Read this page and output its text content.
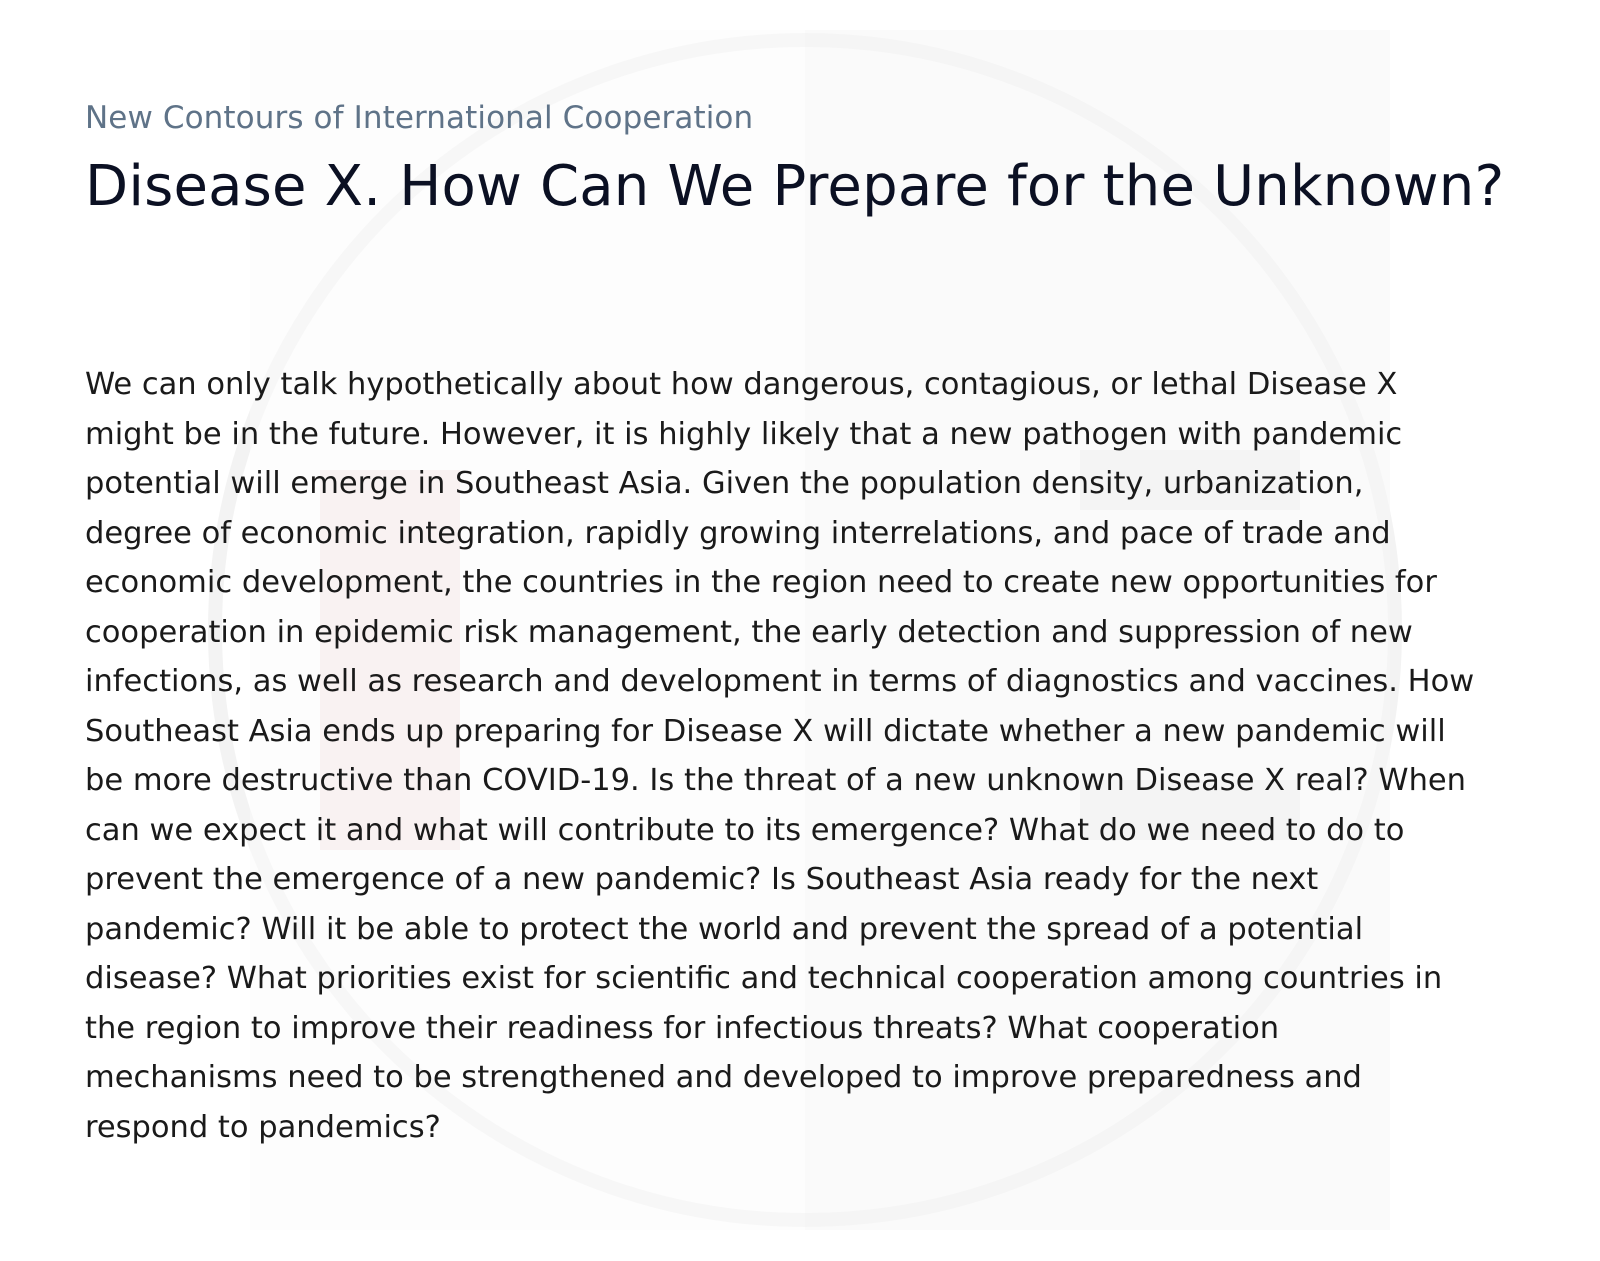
New Contours of International Cooperation
Disease X. How Can We Prepare for the Unknown?

We can only talk hypothetically about how dangerous, contagious, or lethal Disease X might be in the future. However, it is highly likely that a new pathogen with pandemic potential will emerge in Southeast Asia. Given the population density, urbanization, degree of economic integration, rapidly growing interrelations, and pace of trade and economic development, the countries in the region need to create new opportunities for cooperation in epidemic risk management, the early detection and suppression of new infections, as well as research and development in terms of diagnostics and vaccines. How Southeast Asia ends up preparing for Disease X will dictate whether a new pandemic will be more destructive than COVID-19. Is the threat of a new unknown Disease X real? When can we expect it and what will contribute to its emergence? What do we need to do to prevent the emergence of a new pandemic? Is Southeast Asia ready for the next pandemic? Will it be able to protect the world and prevent the spread of a potential disease? What priorities exist for scientific and technical cooperation among countries in the region to improve their readiness for infectious threats? What cooperation mechanisms need to be strengthened and developed to improve preparedness and respond to pandemics?
